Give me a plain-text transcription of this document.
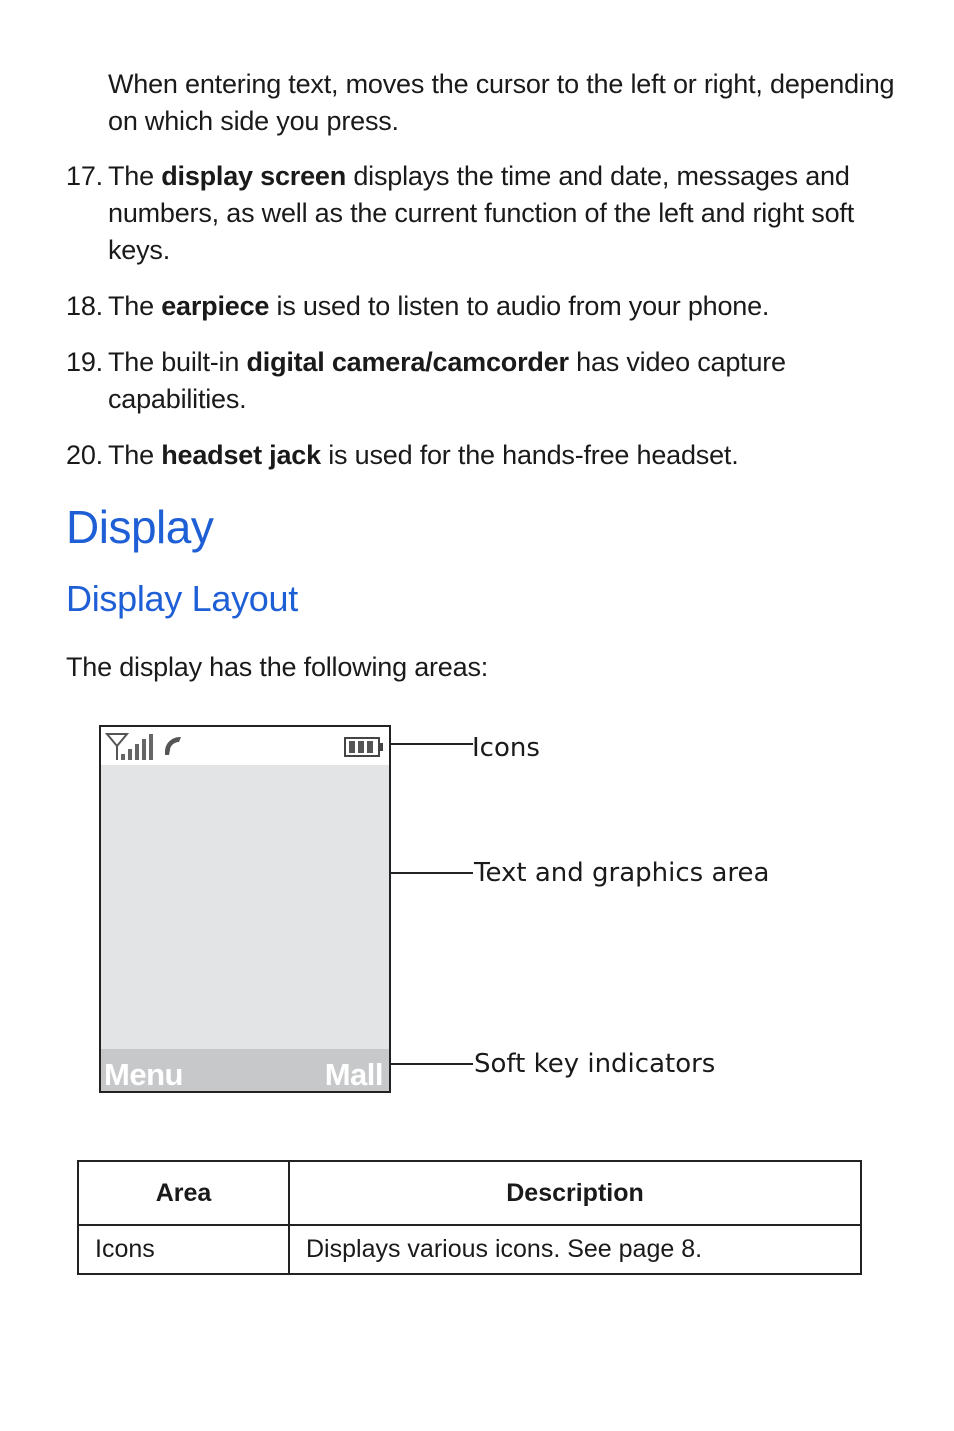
When entering text, moves the cursor to the left or right, depending on which side you press.

17. The display screen displays the time and date, messages and numbers, as well as the current function of the left and right soft keys.

18. The earpiece is used to listen to audio from your phone.

19. The built-in digital camera/camcorder has video capture capabilities.

20. The headset jack is used for the hands-free headset.

Display
Display Layout

The display has the following areas:

Menu	Mall
Icons
Text and graphics area
Soft key indicators
Area	Description
Icons	Displays various icons. See page 8.
